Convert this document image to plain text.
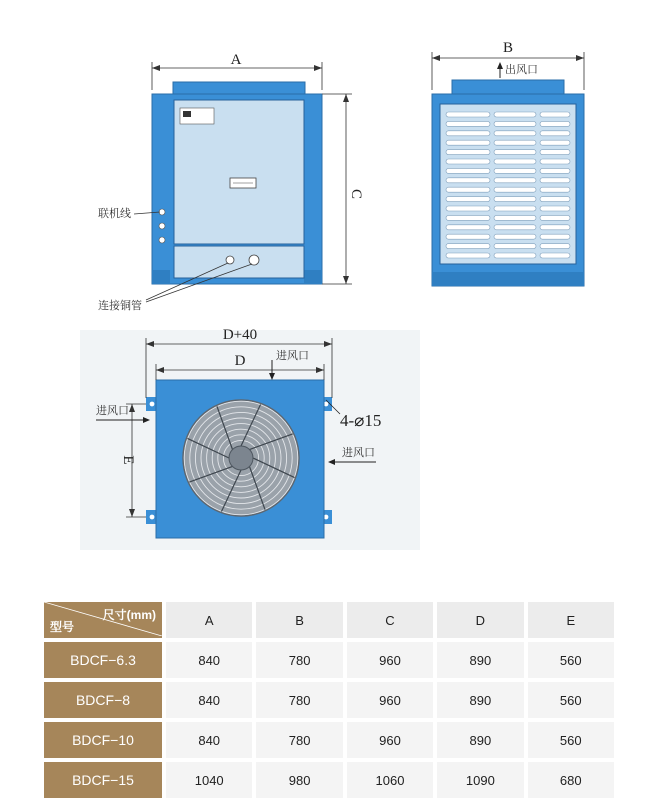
A
C
联机线
连接铜管
B
出风口
D+40
D	进风口
E
进风口
4-⌀15
进风口
尺寸(mm)
型号	A	B	C	D	E
BDCF−6.3	840	780	960	890	560
BDCF−8	840	780	960	890	560
BDCF−10	840	780	960	890	560
BDCF−15	1040	980	1060	1090	680
